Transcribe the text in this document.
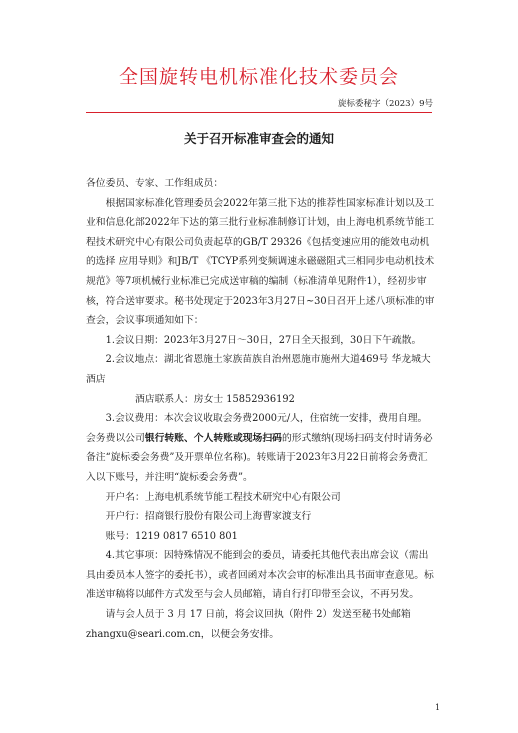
全国旋转电机标准化技术委员会
旋标委秘字（2023）9号
关于召开标准审查会的通知

各位委员、专家、工作组成员：

根据国家标准化管理委员会2022年第三批下达的推荐性国家标准计划以及工业和信息化部2022年下达的第三批行业标准制修订计划，由上海电机系统节能工程技术研究中心有限公司负责起草的GB/T 29326《包括变速应用的能效电动机的选择 应用导则》和JB/T 《TCYP系列变频调速永磁磁阻式三相同步电动机技术规范》等7项机械行业标准已完成送审稿的编制（标准清单见附件1），经初步审核，符合送审要求。秘书处现定于2023年3月27日~30日召开上述八项标准的审查会，会议事项通知如下：

1.会议日期：2023年3月27日～30日，27日全天报到，30日下午疏散。

2.会议地点：湖北省恩施土家族苗族自治州恩施市施州大道469号 华龙城大酒店

酒店联系人：房女士 15852936192

3.会议费用：本次会议收取会务费2000元/人，住宿统一安排，费用自理。会务费以公司银行转账、个人转账或现场扫码的形式缴纳(现场扫码支付时请务必备注“旋标委会务费”及开票单位名称)。转账请于2023年3月22日前将会务费汇入以下账号，并注明“旋标委会务费”。

开户名：上海电机系统节能工程技术研究中心有限公司

开户行：招商银行股份有限公司上海曹家渡支行

账号：1219 0817 6510 801

4.其它事项：因特殊情况不能到会的委员，请委托其他代表出席会议（需出具由委员本人签字的委托书），或者回函对本次会审的标准出具书面审查意见。标准送审稿将以邮件方式发至与会人员邮箱，请自行打印带至会议，不再另发。

请与会人员于 3 月 17 日前，将会议回执（附件 2）发送至秘书处邮箱zhangxu@seari.com.cn，以便会务安排。

1
